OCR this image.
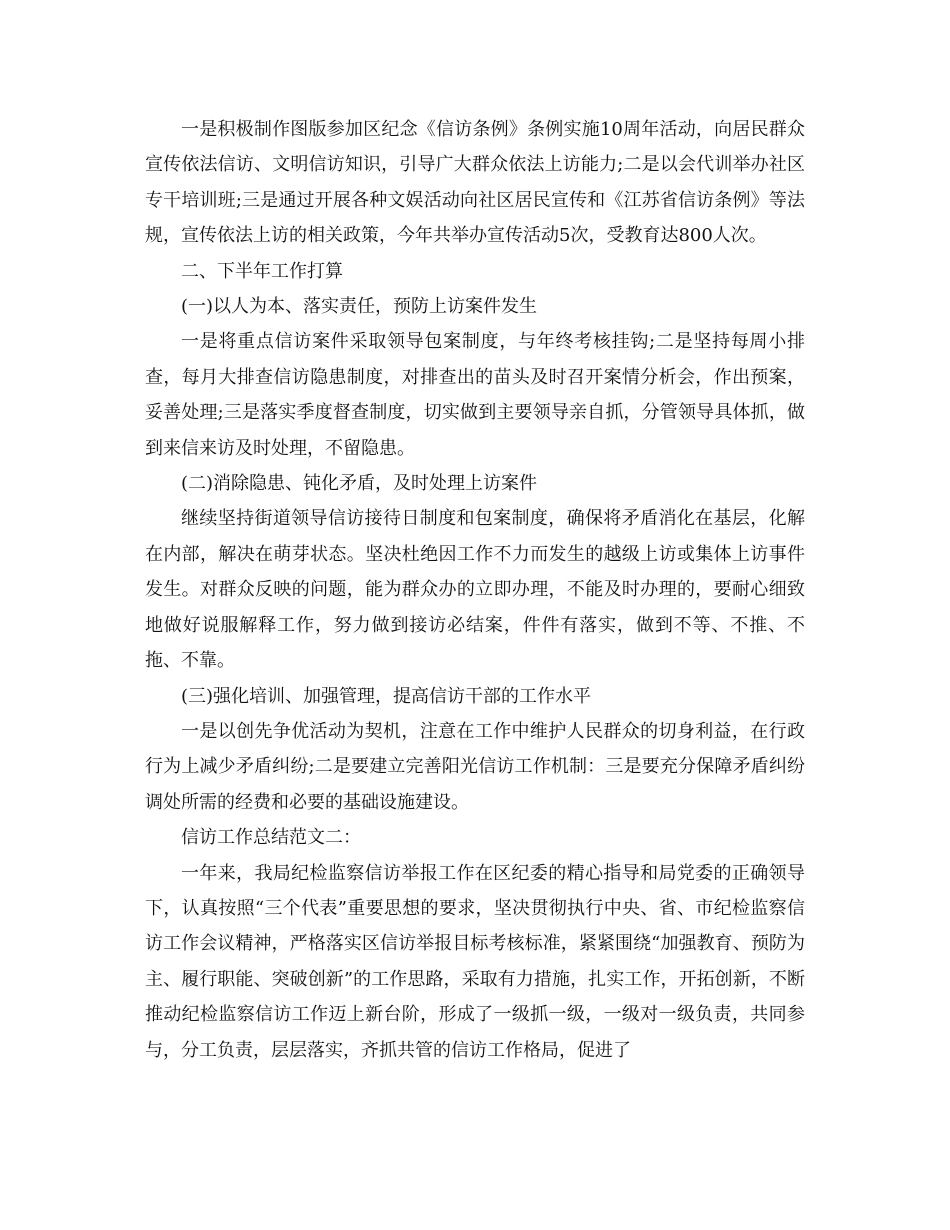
一是积极制作图版参加区纪念《信访条例》条例实施10周年活动，向居民群众宣传依法信访、文明信访知识，引导广大群众依法上访能力;二是以会代训举办社区专干培训班;三是通过开展各种文娱活动向社区居民宣传和《江苏省信访条例》等法规，宣传依法上访的相关政策，今年共举办宣传活动5次，受教育达800人次。

二、下半年工作打算

(一)以人为本、落实责任，预防上访案件发生

一是将重点信访案件采取领导包案制度，与年终考核挂钩;二是坚持每周小排查，每月大排查信访隐患制度，对排查出的苗头及时召开案情分析会，作出预案，妥善处理;三是落实季度督查制度，切实做到主要领导亲自抓，分管领导具体抓，做到来信来访及时处理，不留隐患。

(二)消除隐患、钝化矛盾，及时处理上访案件

继续坚持街道领导信访接待日制度和包案制度，确保将矛盾消化在基层，化解在内部，解决在萌芽状态。坚决杜绝因工作不力而发生的越级上访或集体上访事件发生。对群众反映的问题，能为群众办的立即办理，不能及时办理的，要耐心细致地做好说服解释工作，努力做到接访必结案，件件有落实，做到不等、不推、不拖、不靠。

(三)强化培训、加强管理，提高信访干部的工作水平

一是以创先争优活动为契机，注意在工作中维护人民群众的切身利益，在行政行为上减少矛盾纠纷;二是要建立完善阳光信访工作机制：三是要充分保障矛盾纠纷调处所需的经费和必要的基础设施建设。

信访工作总结范文二：

一年来，我局纪检监察信访举报工作在区纪委的精心指导和局党委的正确领导下，认真按照“三个代表”重要思想的要求，坚决贯彻执行中央、省、市纪检监察信访工作会议精神，严格落实区信访举报目标考核标准，紧紧围绕“加强教育、预防为主、履行职能、突破创新”的工作思路，采取有力措施，扎实工作，开拓创新，不断推动纪检监察信访工作迈上新台阶，形成了一级抓一级，一级对一级负责，共同参与，分工负责，层层落实，齐抓共管的信访工作格局，促进了
